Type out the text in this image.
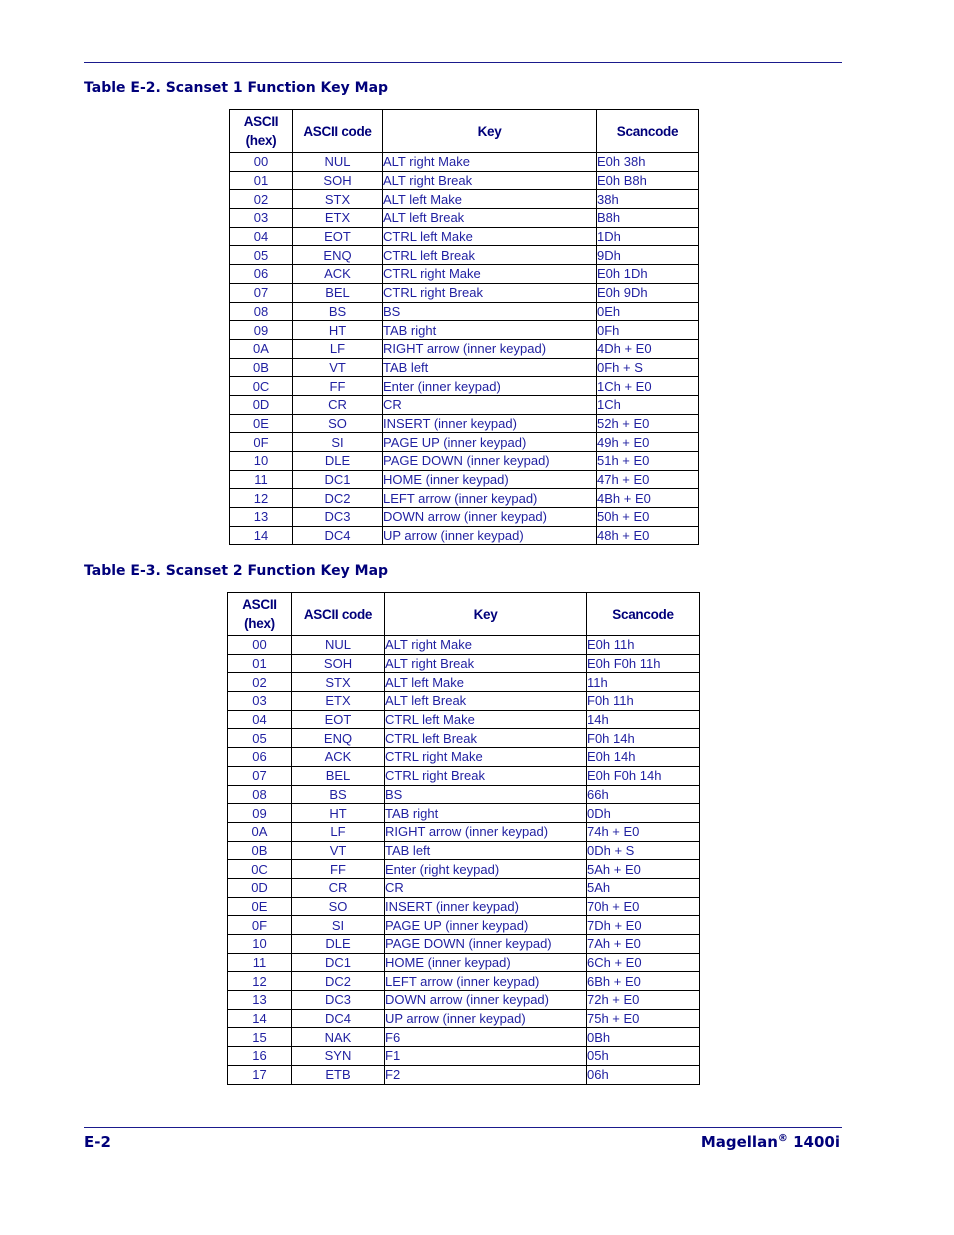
Table E-2. Scanset 1 Function Key Map
ASCII
(hex)	ASCII code	Key	Scancode
00	NUL	ALT right Make	E0h 38h
01	SOH	ALT right Break	E0h B8h
02	STX	ALT left Make	38h
03	ETX	ALT left Break	B8h
04	EOT	CTRL left Make	1Dh
05	ENQ	CTRL left Break	9Dh
06	ACK	CTRL right Make	E0h 1Dh
07	BEL	CTRL right Break	E0h 9Dh
08	BS	BS	0Eh
09	HT	TAB right	0Fh
0A	LF	RIGHT arrow (inner keypad)	4Dh + E0
0B	VT	TAB left	0Fh + S
0C	FF	Enter (inner keypad)	1Ch + E0
0D	CR	CR	1Ch
0E	SO	INSERT (inner keypad)	52h + E0
0F	SI	PAGE UP (inner keypad)	49h + E0
10	DLE	PAGE DOWN (inner keypad)	51h + E0
11	DC1	HOME (inner keypad)	47h + E0
12	DC2	LEFT arrow (inner keypad)	4Bh + E0
13	DC3	DOWN arrow (inner keypad)	50h + E0
14	DC4	UP arrow (inner keypad)	48h + E0
Table E-3. Scanset 2 Function Key Map
ASCII
(hex)	ASCII code	Key	Scancode
00	NUL	ALT right Make	E0h 11h
01	SOH	ALT right Break	E0h F0h 11h
02	STX	ALT left Make	11h
03	ETX	ALT left Break	F0h 11h
04	EOT	CTRL left Make	14h
05	ENQ	CTRL left Break	F0h 14h
06	ACK	CTRL right Make	E0h 14h
07	BEL	CTRL right Break	E0h F0h 14h
08	BS	BS	66h
09	HT	TAB right	0Dh
0A	LF	RIGHT arrow (inner keypad)	74h + E0
0B	VT	TAB left	0Dh + S
0C	FF	Enter (right keypad)	5Ah + E0
0D	CR	CR	5Ah
0E	SO	INSERT (inner keypad)	70h + E0
0F	SI	PAGE UP (inner keypad)	7Dh + E0
10	DLE	PAGE DOWN (inner keypad)	7Ah + E0
11	DC1	HOME (inner keypad)	6Ch + E0
12	DC2	LEFT arrow (inner keypad)	6Bh + E0
13	DC3	DOWN arrow (inner keypad)	72h + E0
14	DC4	UP arrow (inner keypad)	75h + E0
15	NAK	F6	0Bh
16	SYN	F1	05h
17	ETB	F2	06h
E-2	Magellan® 1400i
